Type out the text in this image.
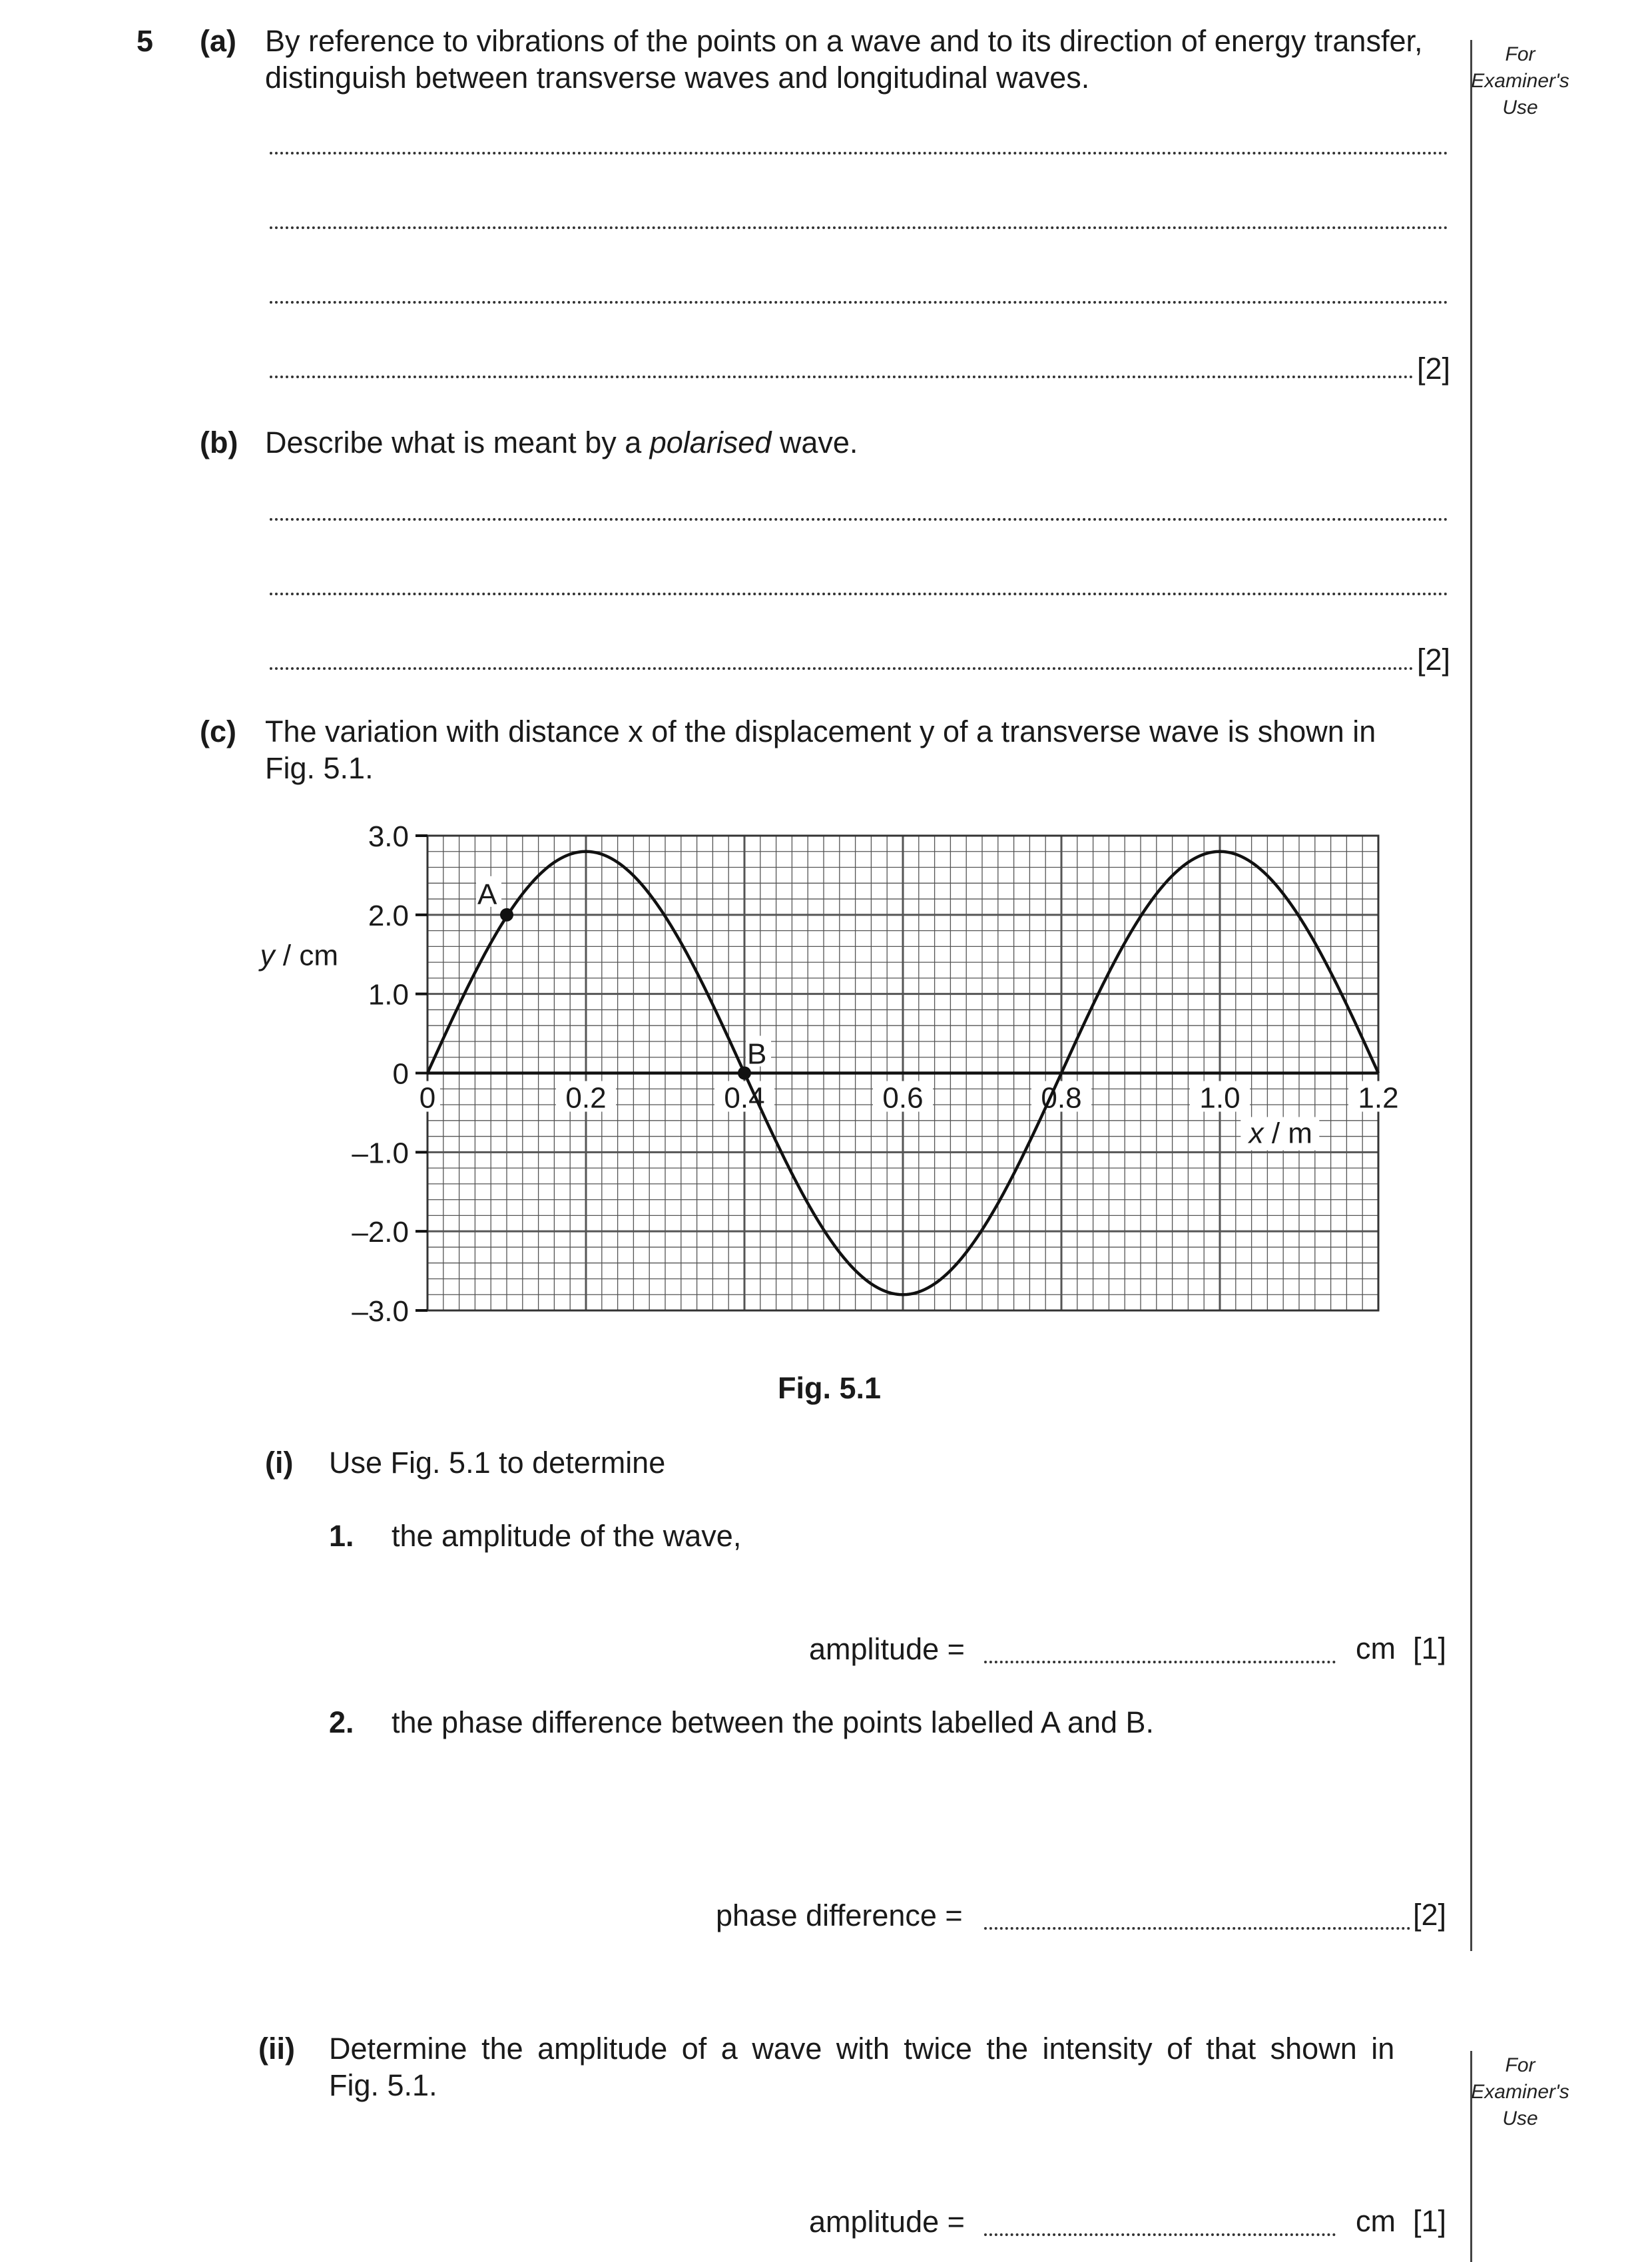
5 (a) By reference to vibrations of the points on a wave and to its direction of energy transfer,
distinguish between transverse waves and longitudinal waves.
[2]
(b) Describe what is meant by a polarised wave.
[2]
(c) The variation with distance x of the displacement y of a transverse wave is shown in
Fig. 5.1.
3.0
2.0
1.0
0
–1.0
–2.0
–3.0
0	0.2	0.4	0.6	0.8	1.0	1.2
x / m
y / cm
A
B
Fig. 5.1
(i) Use Fig. 5.1 to determine
1. the amplitude of the wave,
amplitude =	cm [1]
2. the phase difference between the points labelled A and B.
phase difference =	[2]
(ii) Determine the amplitude of a wave with twice the intensity of that shown in
Fig. 5.1.
amplitude =	cm [1]
For
Examiner's
Use
For
Examiner's
Use
